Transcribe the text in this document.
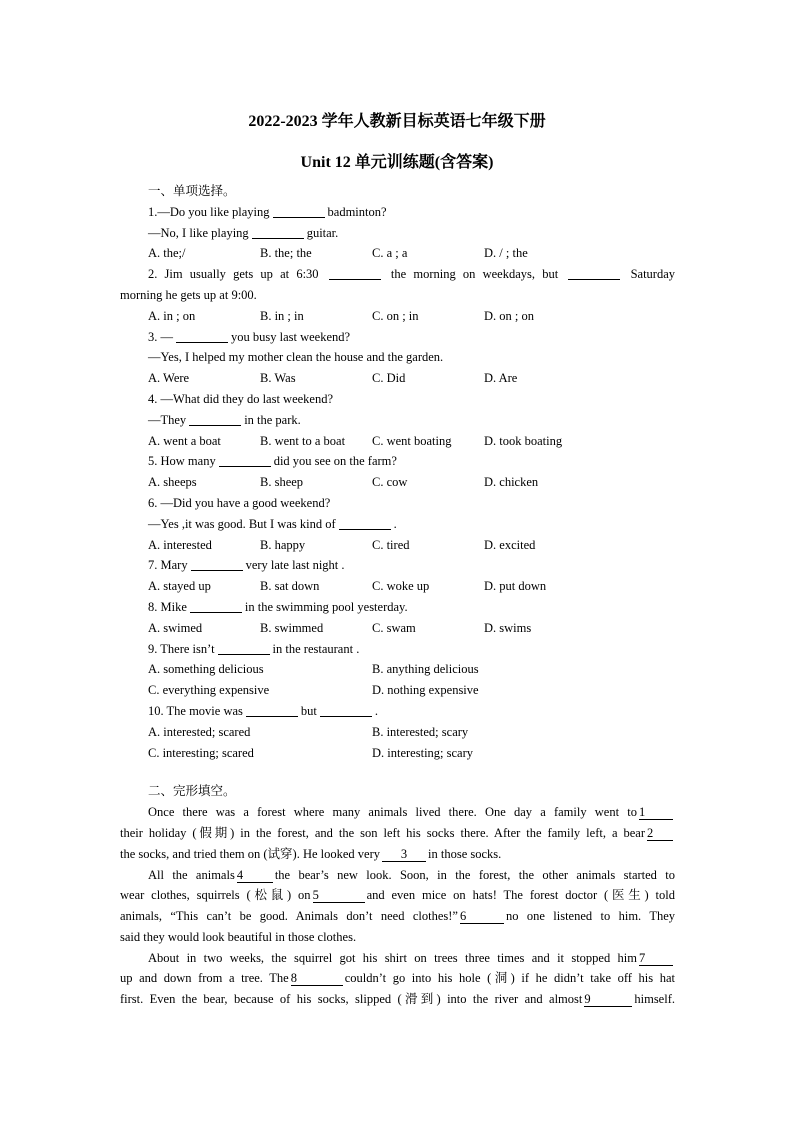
2022-2023 学年人教新目标英语七年级下册
Unit 12 单元训练题(含答案)
一、单项选择。
1.—Do you like playing	badminton?
—No, I like playing	guitar.
A. the;/	B. the; the	C. a ; a	D. / ; the
2. Jim usually gets up at 6:30	the morning on weekdays, but	Saturday
morning he gets up at 9:00.
A. in ; on	B. in ; in	C. on ; in	D. on ; on
3. —	you busy last weekend?
—Yes, I helped my mother clean the house and the garden.
A. Were	B. Was	C. Did	D. Are
4. —What did they do last weekend?
—They	in the park.
A. went a boat	B. went to a boat	C. went boating	D. took boating
5. How many	did you see on the farm?
A. sheeps	B. sheep	C. cow	D. chicken
6. —Did you have a good weekend?
—Yes ,it was good. But I was kind of	.
A. interested	B. happy	C. tired	D. excited
7. Mary	very late last night .
A. stayed up	B. sat down	C. woke up	D. put down
8. Mike	in the swimming pool yesterday.
A. swimed	B. swimmed	C. swam	D. swims
9. There isn’t	in the restaurant .
A. something delicious	B. anything delicious
C. everything expensive	D. nothing expensive
10. The movie was	but	.
A. interested; scared	B. interested; scary
C. interesting; scared	D. interesting; scary
二、完形填空。
Once there was a forest where many animals lived there. One day a family went to 1
their holiday (假期) in the forest, and the son left his socks there. After the family left, a bear 2
the socks, and tried them on (试穿). He looked very 3 in those socks.
All the animals 4	the bear’s new look. Soon, in the forest, the other animals started to
wear clothes, squirrels (松鼠) on 5	and even mice on hats! The forest doctor (医生) told
animals, “This can’t be good. Animals don’t need clothes!” 6	no one listened to him. They
said they would look beautiful in those clothes.
About in two weeks, the squirrel got his shirt on trees three times and it stopped him 7
up and down from a tree. The 8	couldn’t go into his hole (洞) if he didn’t take off his hat
first. Even the bear, because of his socks, slipped (滑到) into the river and almost 9	himself.
